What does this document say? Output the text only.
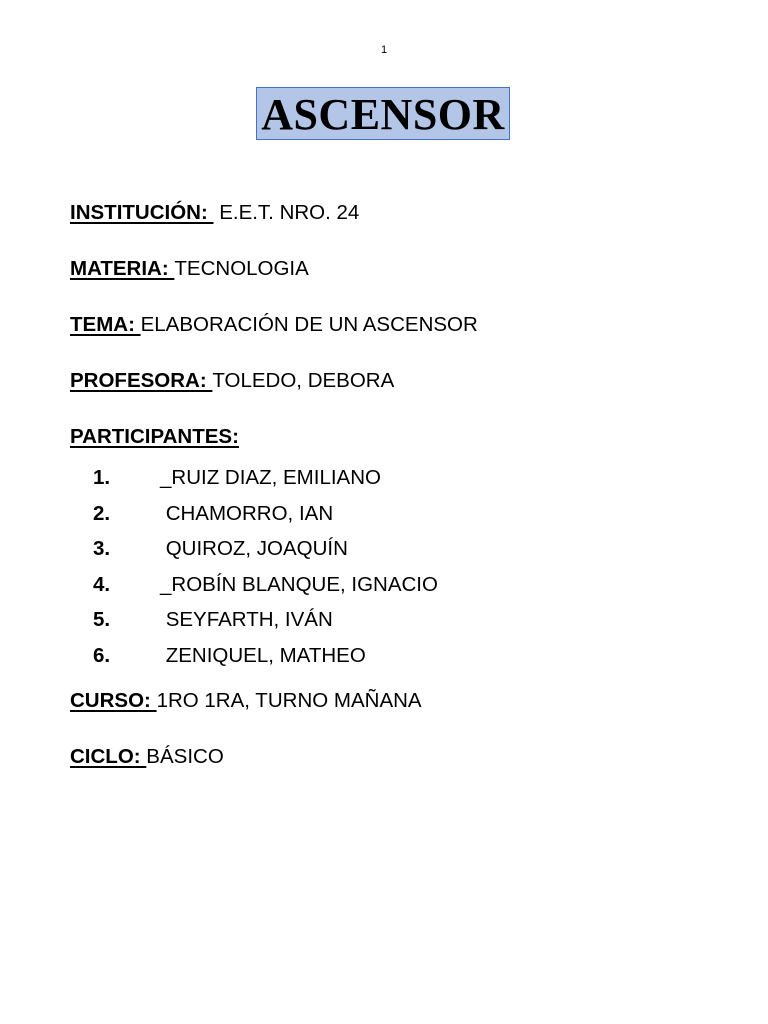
1
ASCENSOR
INSTITUCIÓN:  E.E.T. NRO. 24
MATERIA: TECNOLOGIA
TEMA: ELABORACIÓN DE UN ASCENSOR
PROFESORA: TOLEDO, DEBORA
PARTICIPANTES:
1. _RUIZ DIAZ, EMILIANO
2. CHAMORRO, IAN
3. QUIROZ, JOAQUÍN
4. _ROBÍN BLANQUE, IGNACIO
5. SEYFARTH, IVÁN
6. ZENIQUEL, MATHEO
CURSO: 1RO 1RA, TURNO MAÑANA
CICLO: BÁSICO
